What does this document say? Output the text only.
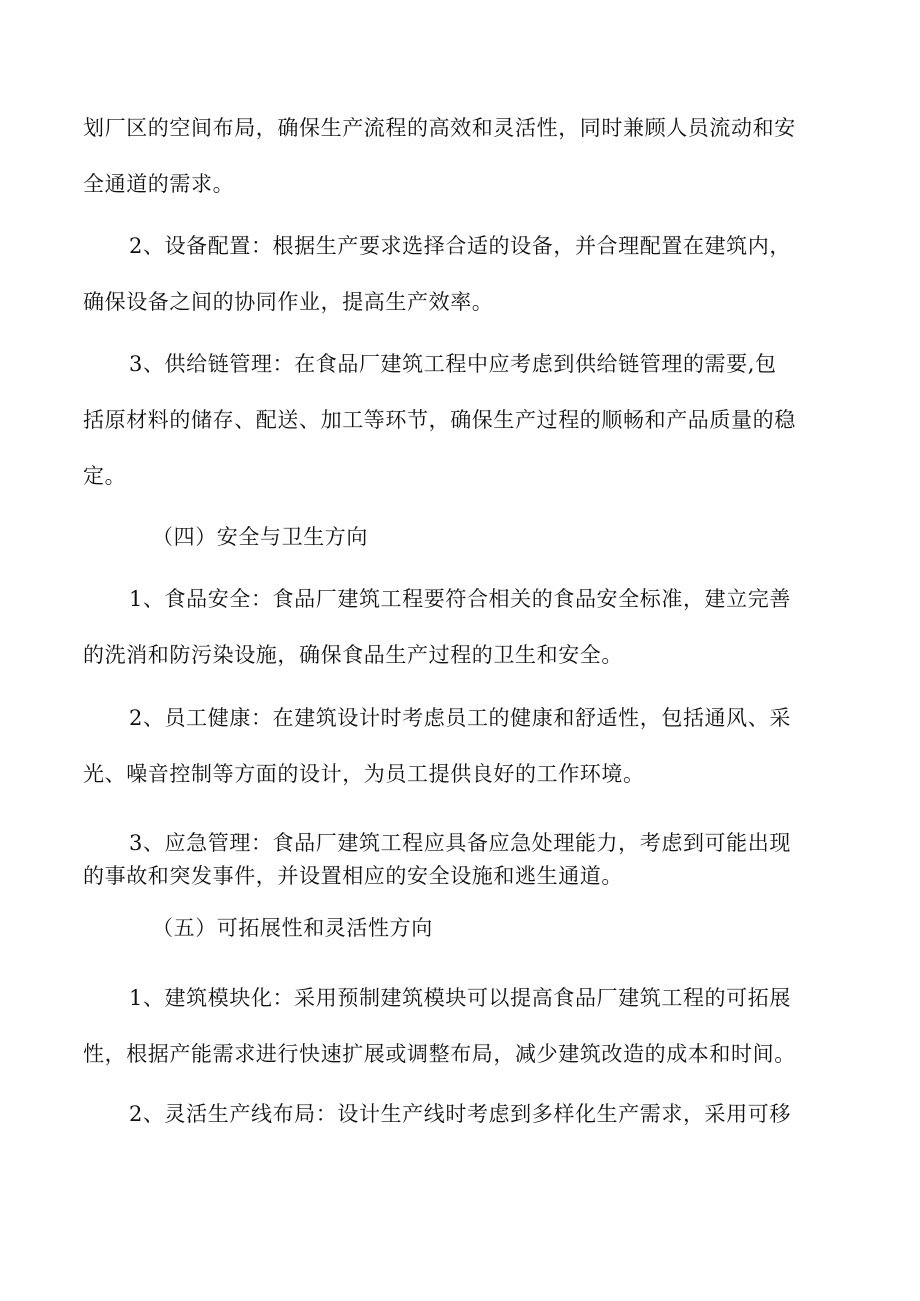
划厂区的空间布局，确保生产流程的高效和灵活性，同时兼顾人员流动和安
全通道的需求。
2、设备配置：根据生产要求选择合适的设备，并合理配置在建筑内，
确保设备之间的协同作业，提高生产效率。
3、供给链管理：在食品厂建筑工程中应考虑到供给链管理的需要,包
括原材料的储存、配送、加工等环节，确保生产过程的顺畅和产品质量的稳
定。
（四）安全与卫生方向
1、食品安全：食品厂建筑工程要符合相关的食品安全标准，建立完善
的洗消和防污染设施，确保食品生产过程的卫生和安全。
2、员工健康：在建筑设计时考虑员工的健康和舒适性，包括通风、采
光、噪音控制等方面的设计，为员工提供良好的工作环境。
3、应急管理：食品厂建筑工程应具备应急处理能力，考虑到可能出现
的事故和突发事件，并设置相应的安全设施和逃生通道。
（五）可拓展性和灵活性方向
1、建筑模块化：采用预制建筑模块可以提高食品厂建筑工程的可拓展
性，根据产能需求进行快速扩展或调整布局，减少建筑改造的成本和时间。
2、灵活生产线布局：设计生产线时考虑到多样化生产需求，采用可移
